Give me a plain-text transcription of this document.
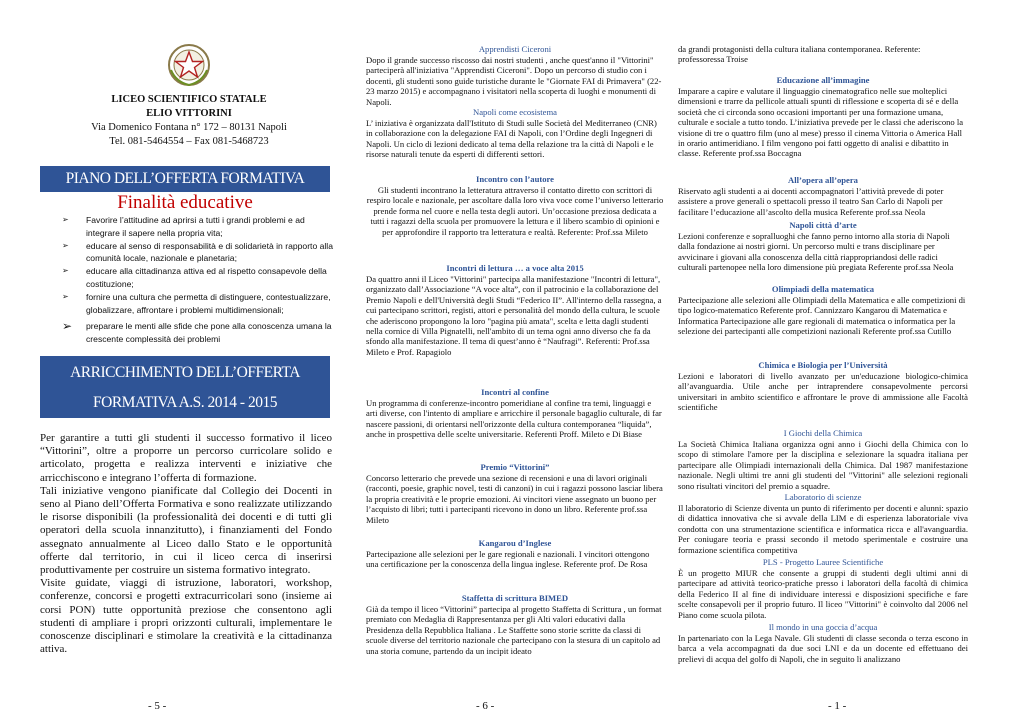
LICEO SCIENTIFICO STATALE
ELIO VITTORINI
Via Domenico Fontana n° 172 – 80131 Napoli
Tel. 081-5464554 – Fax 081-5468723
PIANO DELL’OFFERTA FORMATIVA
Finalità educative
➢ Favorire l’attitudine ad aprirsi a tutti i grandi problemi e ad integrare il sapere nella propria vita;
➢ educare al senso di responsabilità e di solidarietà in rapporto alla comunità locale, nazionale e planetaria;
➢ educare alla cittadinanza attiva ed al rispetto consapevole della costituzione;
➢ fornire una cultura che permetta di distinguere, contestualizzare, globalizzare, affrontare i problemi multidimensionali;
➢ preparare le menti alle sfide che pone alla conoscenza umana la crescente complessità dei problemi
ARRICCHIMENTO DELL’OFFERTA
FORMATIVA A.S. 2014 - 2015

Per garantire a tutti gli studenti il successo formativo il liceo “Vittorini”, oltre a proporre un percorso curricolare solido e articolato, progetta e realizza interventi e iniziative che arricchiscono e integrano l’offerta di formazione.

Tali iniziative vengono pianificate dal Collegio dei Docenti in seno al Piano dell’Offerta Formativa e sono realizzate utilizzando le risorse disponibili (la professionalità dei docenti e di tutti gli operatori della scuola innanzitutto), i finanziamenti del Fondo assegnato annualmente al Liceo dallo Stato e le opportunità offerte dal territorio, in cui il liceo cerca di inserirsi produttivamente per costruire un sistema formativo integrato.

Visite guidate, viaggi di istruzione, laboratori, workshop, conferenze, concorsi e progetti extracurricolari sono (insieme ai corsi PON) tutte opportunità preziose che consentono agli studenti di ampliare i propri orizzonti culturali, implementare le conoscenze disciplinari e stimolare la creatività e la cittadinanza attiva.

- 5 -
Apprendisti Ciceroni

Dopo il grande successo riscosso dai nostri studenti , anche quest'anno il "Vittorini" parteciperà all'iniziativa "Apprendisti Ciceroni". Dopo un percorso di studio con i docenti, gli studenti sono guide turistiche durante le "Giornate FAI di Primavera" (22-23 marzo 2015) e accompagnano i visitatori nella scoperta di luoghi e monumenti di Napoli.

Napoli come ecosistema

L’ iniziativa è organizzata dall'Istituto di Studi sulle Società del Mediterraneo (CNR) in collaborazione con la delegazione FAI di Napoli, con l’Ordine degli Ingegneri di Napoli. Un ciclo di lezioni dedicato al tema della relazione tra la città di Napoli e le risorse naturali tenute da esperti di differenti settori.

Incontro con l’autore

Gli studenti incontrano la letteratura attraverso il contatto diretto con scrittori di respiro locale e nazionale, per ascoltare dalla loro viva voce come l’universo letterario prende forma nel cuore e nella testa degli autori. Un’occasione preziosa dedicata a tutti i ragazzi della scuola per promuovere la lettura e il libero scambio di opinioni e per approfondire il rapporto tra letteratura e realtà. Referente: Prof.ssa Mileto

Incontri di lettura … a voce alta 2015

Da quattro anni il Liceo "Vittorini" partecipa alla manifestazione "Incontri di lettura", organizzato dall’Associazione “A voce alta”, con il patrocinio e la collaborazione del Premio Napoli e dell'Università degli Studi “Federico II”. All'interno della rassegna, a cui partecipano scrittori, registi, attori e personalità del mondo della cultura, le scuole che aderiscono propongono la loro "pagina più amata", scelta e letta dagli studenti nella cornice di Villa Pignatelli, nell'ambito di un tema ogni anno diverso che fa da sfondo alla manifestazione. Il tema di quest’anno è “Naufragi”. Referenti: Prof.ssa Mileto e Prof. Rapagiolo

Incontri al confine

Un programma di conferenze-incontro pomeridiane al confine tra temi, linguaggi e arti diverse, con l'intento di ampliare e arricchire il personale bagaglio culturale, di far nascere passioni, di orientarsi nell'orizzonte della cultura contemporanea “liquida”, anche in prospettiva delle scelte universitarie. Referenti Proff. Mileto e Di Biase

Premio “Vittorini”

Concorso letterario che prevede una sezione di recensioni e una di lavori originali (racconti, poesie, graphic novel, testi di canzoni) in cui i ragazzi possono lasciar libera la propria creatività e le proprie emozioni. Ai vincitori viene assegnato un buono per l’acquisto di libri; tutti i partecipanti ricevono in dono un libro. Referente prof.ssa Mileto

Kangarou d’Inglese

Partecipazione alle selezioni per le gare regionali e nazionali. I vincitori ottengono una certificazione per la conoscenza della lingua inglese. Referente prof. De Rosa

Staffetta di scrittura BIMED

Già da tempo il liceo “Vittorini” partecipa al progetto Staffetta di Scrittura , un format premiato con Medaglia di Rappresentanza per gli Alti valori educativi dalla Presidenza della Repubblica Italiana . Le Staffette sono storie scritte da classi di scuole diverse del territorio nazionale che partecipano con la stesura di un capitolo ad una storia comune, partendo da un incipit ideato

- 6 -

da grandi protagonisti della cultura italiana contemporanea. Referente: professoressa Troise

Educazione all’immagine

Imparare a capire e valutare il linguaggio cinematografico nelle sue molteplici dimensioni e trarre da pellicole attuali spunti di riflessione e scoperta di sé e della società che ci circonda sono occasioni importanti per una formazione umana, culturale e sociale a tutto tondo. L’iniziativa prevede per le classi che aderiscono la visione di tre o quattro film (uno al mese) presso il cinema Vittoria o America Hall in orario antimeridiano. I film vengono poi fatti oggetto di analisi e dibattito in classe. Referente prof.ssa Boccagna

All’opera all’opera

Riservato agli studenti a ai docenti accompagnatori l’attività prevede di poter assistere a prove generali o spettacoli presso il teatro San Carlo di Napoli per facilitare l’educazione all’ascolto della musica Referente prof.ssa Neola

Napoli città d’arte

Lezioni conferenze e sopralluoghi che fanno perno intorno alla storia di Napoli dalla fondazione ai nostri giorni. Un percorso multi e trans disciplinare per avvicinare i giovani alla conoscenza della città riappropriandosi delle radici culturali partenopee nella loro dimensione più pregiata Referente prof.ssa Neola

Olimpiadi della matematica

Partecipazione alle selezioni alle Olimpiadi della Matematica e alle competizioni di tipo logico-matematico Referente prof. Cannizzaro Kangarou di Matematica e Informatica Partecipazione alle gare regionali di matematica o informatica per la selezione dei partecipanti alle competizioni nazionali Referente prof.ssa Cutillo

Chimica e Biologia per l’Università

Lezioni e laboratori di livello avanzato per un'educazione biologico-chimica all’avanguardia. Utile anche per intraprendere consapevolmente percorsi universitari in ambito scientifico e affrontare le prove di ammissione alle Facoltà scientifiche

I Giochi della Chimica

La Società Chimica Italiana organizza ogni anno i Giochi della Chimica con lo scopo di stimolare l'amore per la disciplina e selezionare la squadra italiana per partecipare alle Olimpiadi internazionali della Chimica. Dal 1987 manifestazione nazionale. Negli ultimi tre anni gli studenti del "Vittorini" alle selezioni regionali sono risultati vincitori del premio a squadre.

Laboratorio di scienze

Il laboratorio di Scienze diventa un punto di riferimento per docenti e alunni: spazio di didattica innovativa che si avvale della LIM e di esperienza laboratoriale viva condotta con una strumentazione scientifica e informatica ricca e all'avanguardia. Per coniugare teoria e prassi secondo il metodo sperimentale e costruire una formazione scientifica competitiva

PLS - Progetto Lauree Scientifiche

È un progetto MIUR che consente a gruppi di studenti degli ultimi anni di partecipare ad attività teorico-pratiche presso i laboratori della facoltà di chimica della Federico II al fine di individuare interessi e disposizioni specifiche e fare scelte consapevoli per il proprio futuro. Il liceo "Vittorini" è coinvolto dal 2006 nel Piano come scuola pilota.

Il mondo in una goccia d’acqua

In partenariato con la Lega Navale. Gli studenti di classe seconda o terza escono in barca a vela accompagnati da due soci LNI e da un docente ed effettuano dei prelievi di acqua del golfo di Napoli, che in seguito li analizzano

- 1 -
